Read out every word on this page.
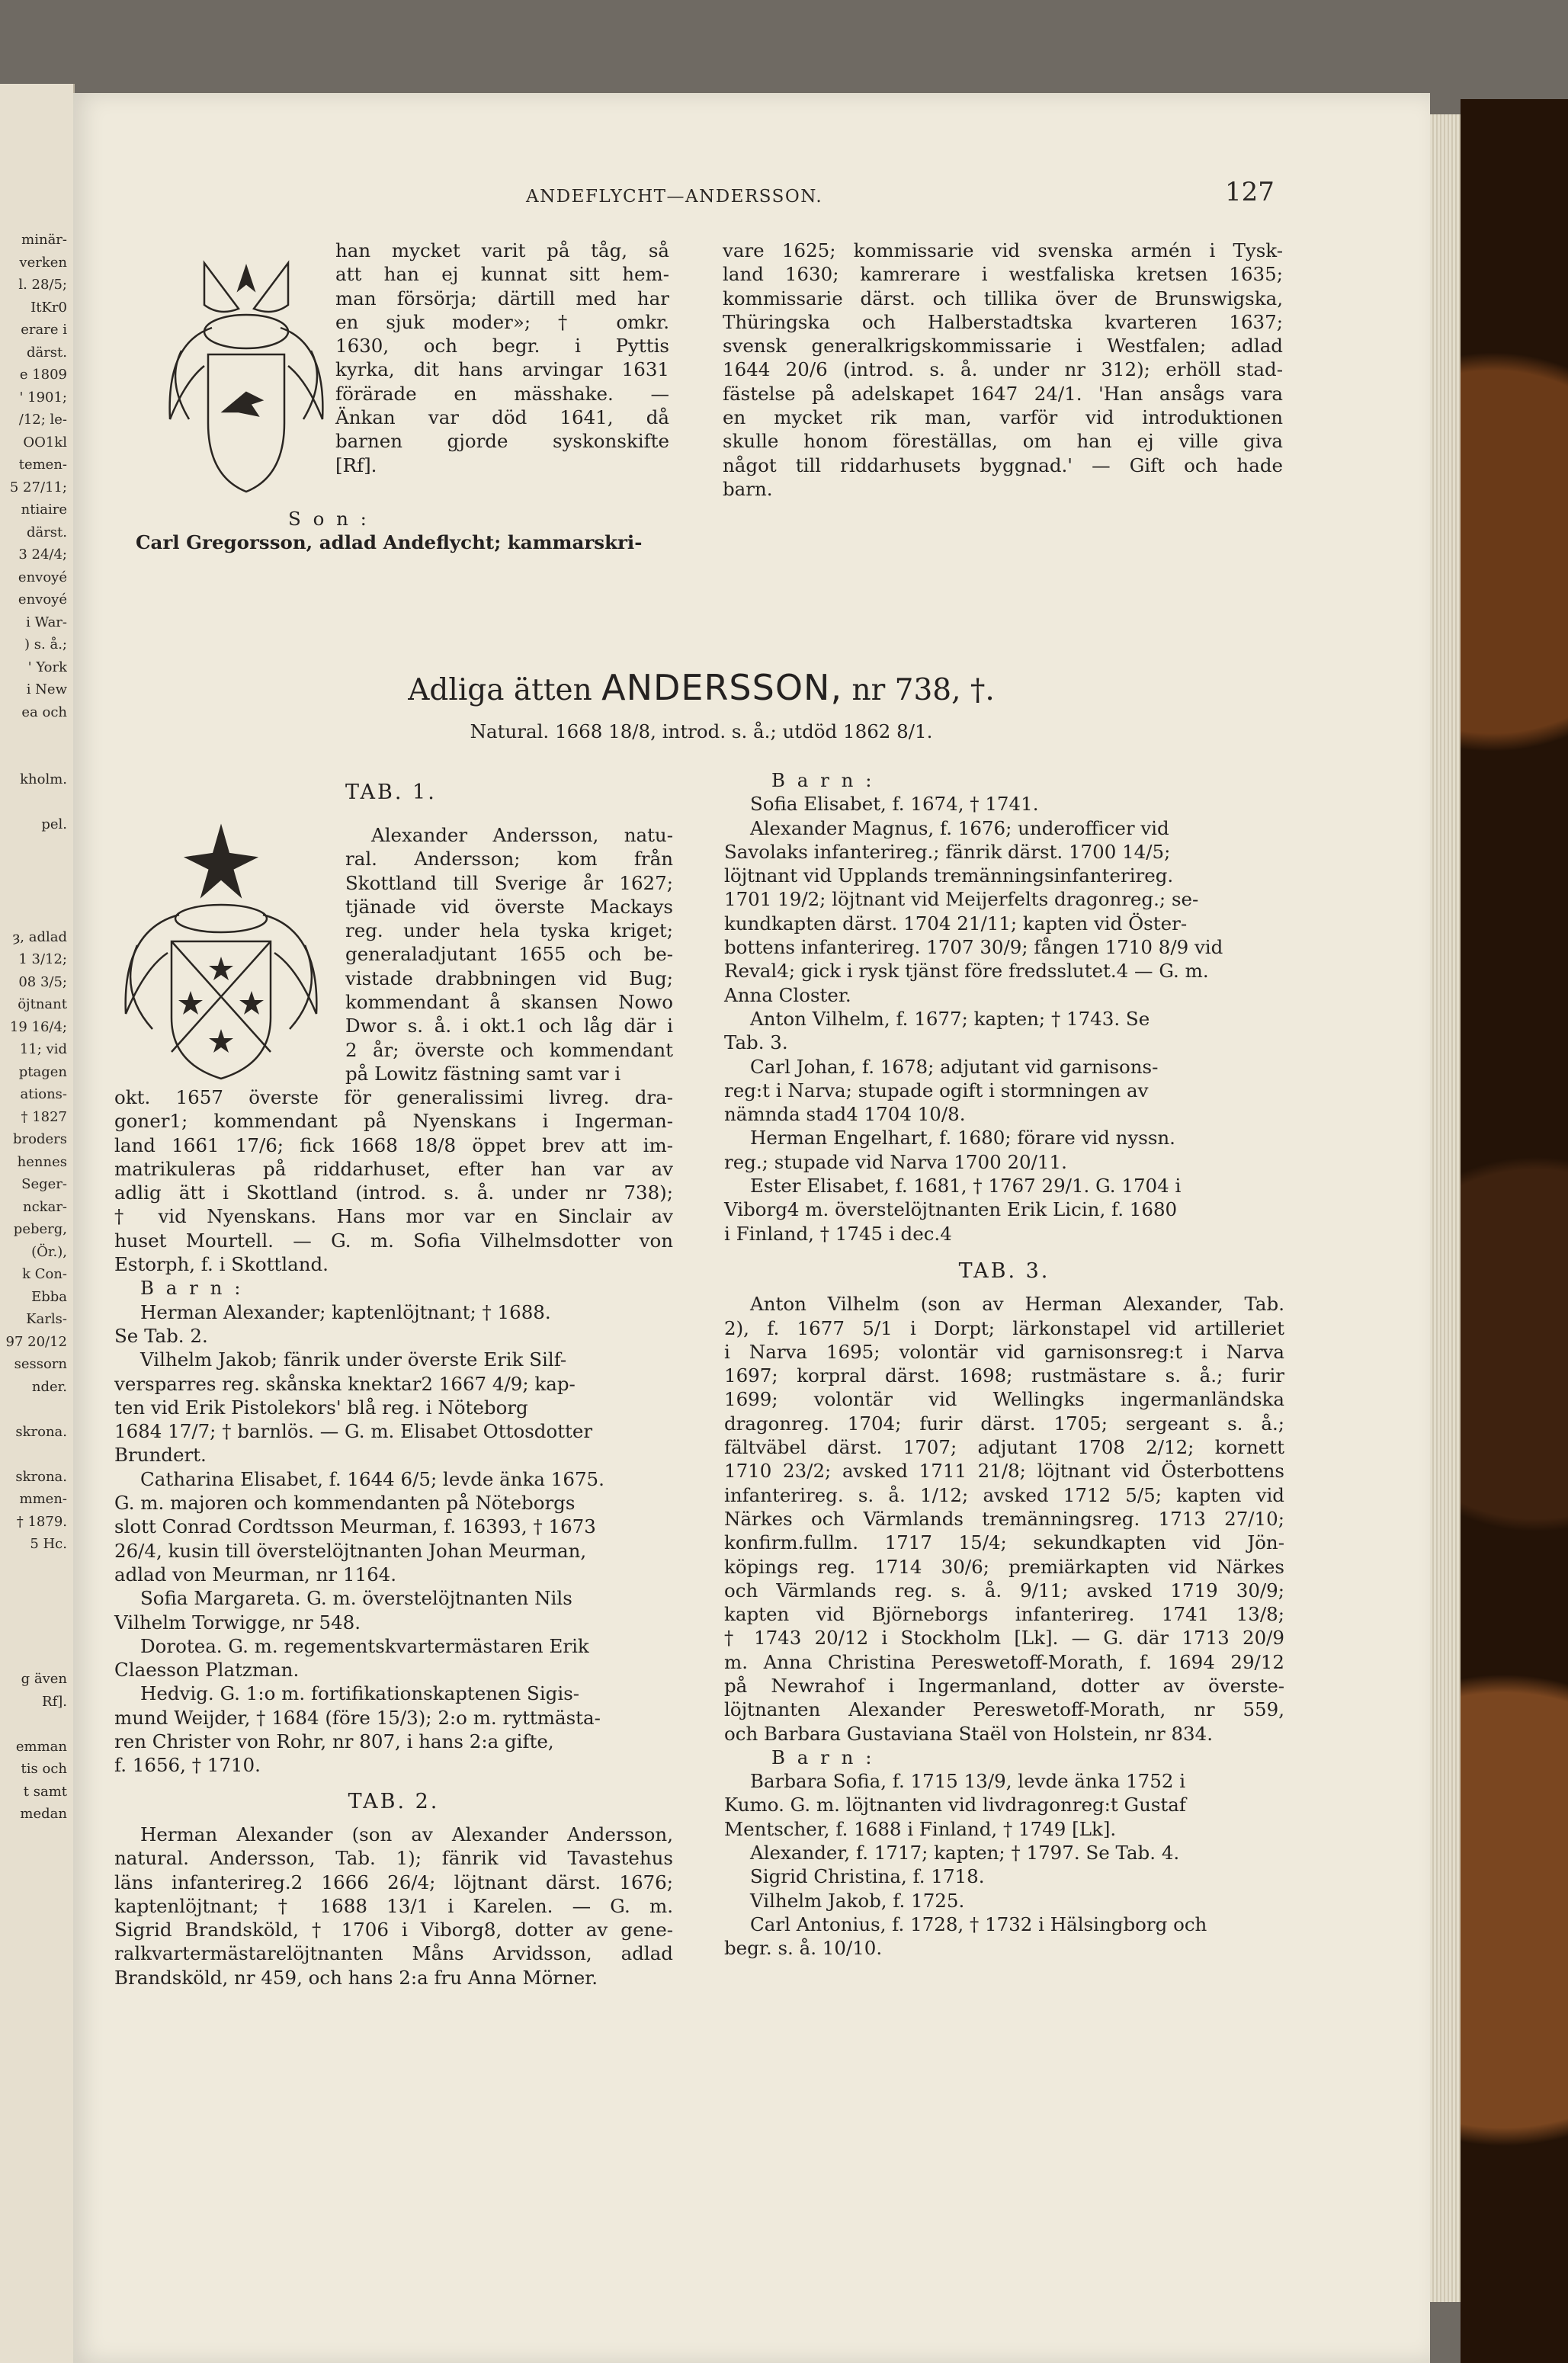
minär-
verken
l. 28/5;
ItKr0
erare i
därst.
e 1809
' 1901;
/12; le-
OO1kl
temen-
5 27/11;
ntiaire
därst.
3 24/4;
envoyé
envoyé
i War-
) s. å.;
' York
i New
ea och
kholm.
pel.
ȝ, adlad
1 3/12;
08 3/5;
öjtnant
19 16/4;
11; vid
ptagen
ations-
† 1827
broders
hennes
Seger-
nckar-
peberg,
(Ör.),
k Con-
Ebba
Karls-
97 20/12
sessorn
nder.
skrona.
skrona.
mmen-
† 1879.
5 Hc.
g även
Rf].
emman
tis och
t samt
medan
ANDEFLYCHT—ANDERSSON.	127

han mycket varit på tåg, så

att han ej kunnat sitt hem-

man försörja; därtill med har

en sjuk moder»; † omkr.

1630, och begr. i Pyttis

kyrka, dit hans arvingar 1631

förärade en mässhake. —

Änkan var död 1641, då

barnen gjorde syskonskifte

[Rf].

S o n :

Carl Gregorsson, adlad Andeflycht; kammarskri-

vare 1625; kommissarie vid svenska armén i Tysk-

land 1630; kamrerare i westfaliska kretsen 1635;

kommissarie därst. och tillika över de Brunswigska,

Thüringska och Halberstadtska kvarteren 1637;

svensk generalkrigskommissarie i Westfalen; adlad

1644 20/6 (introd. s. å. under nr 312); erhöll stad-

fästelse på adelskapet 1647 24/1. 'Han ansågs vara

en mycket rik man, varför vid introduktionen

skulle honom föreställas, om han ej ville giva

något till riddarhusets byggnad.' — Gift och hade

barn.

Adliga ätten ANDERSSON, nr 738, †.
Natural. 1668 18/8, introd. s. å.; utdöd 1862 8/1.

TAB. 1.

Alexander Andersson, natu-

ral. Andersson; kom från

Skottland till Sverige år 1627;

tjänade vid överste Mackays

reg. under hela tyska kriget;

generaladjutant 1655 och be-

vistade drabbningen vid Bug;

kommendant å skansen Nowo

Dwor s. å. i okt.1 och låg där i

2 år; överste och kommendant

på Lowitz fästning samt var i

okt. 1657 överste för generalissimi livreg. dra-

goner1; kommendant på Nyenskans i Ingerman-

land 1661 17/6; fick 1668 18/8 öppet brev att im-

matrikuleras på riddarhuset, efter han var av

adlig ätt i Skottland (introd. s. å. under nr 738);

† vid Nyenskans. Hans mor var en Sinclair av

huset Mourtell. — G. m. Sofia Vilhelmsdotter von

Estorph, f. i Skottland.

B a r n :

Herman Alexander; kaptenlöjtnant; † 1688.

Se Tab. 2.

Vilhelm Jakob; fänrik under överste Erik Silf-

versparres reg. skånska knektar2 1667 4/9; kap-

ten vid Erik Pistolekors' blå reg. i Nöteborg

1684 17/7; † barnlös. — G. m. Elisabet Ottosdotter

Brundert.

Catharina Elisabet, f. 1644 6/5; levde änka 1675.

G. m. majoren och kommendanten på Nöteborgs

slott Conrad Cordtsson Meurman, f. 16393, † 1673

26/4, kusin till överstelöjtnanten Johan Meurman,

adlad von Meurman, nr 1164.

Sofia Margareta. G. m. överstelöjtnanten Nils

Vilhelm Torwigge, nr 548.

Dorotea. G. m. regementskvartermästaren Erik

Claesson Platzman.

Hedvig. G. 1:o m. fortifikationskaptenen Sigis-

mund Weijder, † 1684 (före 15/3); 2:o m. ryttmästa-

ren Christer von Rohr, nr 807, i hans 2:a gifte,

f. 1656, † 1710.

TAB. 2.

Herman Alexander (son av Alexander Andersson,

natural. Andersson, Tab. 1); fänrik vid Tavastehus

läns infanterireg.2 1666 26/4; löjtnant därst. 1676;

kaptenlöjtnant; † 1688 13/1 i Karelen. — G. m.

Sigrid Brandsköld, † 1706 i Viborg8, dotter av gene-

ralkvartermästarelöjtnanten Måns Arvidsson, adlad

Brandsköld, nr 459, och hans 2:a fru Anna Mörner.

B a r n :

Sofia Elisabet, f. 1674, † 1741.

Alexander Magnus, f. 1676; underofficer vid

Savolaks infanterireg.; fänrik därst. 1700 14/5;

löjtnant vid Upplands tremänningsinfanterireg.

1701 19/2; löjtnant vid Meijerfelts dragonreg.; se-

kundkapten därst. 1704 21/11; kapten vid Öster-

bottens infanterireg. 1707 30/9; fången 1710 8/9 vid

Reval4; gick i rysk tjänst före fredsslutet.4 — G. m.

Anna Closter.

Anton Vilhelm, f. 1677; kapten; † 1743. Se

Tab. 3.

Carl Johan, f. 1678; adjutant vid garnisons-

reg:t i Narva; stupade ogift i stormningen av

nämnda stad4 1704 10/8.

Herman Engelhart, f. 1680; förare vid nyssn.

reg.; stupade vid Narva 1700 20/11.

Ester Elisabet, f. 1681, † 1767 29/1. G. 1704 i

Viborg4 m. överstelöjtnanten Erik Licin, f. 1680

i Finland, † 1745 i dec.4

TAB. 3.

Anton Vilhelm (son av Herman Alexander, Tab.

2), f. 1677 5/1 i Dorpt; lärkonstapel vid artilleriet

i Narva 1695; volontär vid garnisonsreg:t i Narva

1697; korpral därst. 1698; rustmästare s. å.; furir

1699; volontär vid Wellingks ingermanländska

dragonreg. 1704; furir därst. 1705; sergeant s. å.;

fältväbel därst. 1707; adjutant 1708 2/12; kornett

1710 23/2; avsked 1711 21/8; löjtnant vid Österbottens

infanterireg. s. å. 1/12; avsked 1712 5/5; kapten vid

Närkes och Värmlands tremänningsreg. 1713 27/10;

konfirm.fullm. 1717 15/4; sekundkapten vid Jön-

köpings reg. 1714 30/6; premiärkapten vid Närkes

och Värmlands reg. s. å. 9/11; avsked 1719 30/9;

kapten vid Björneborgs infanterireg. 1741 13/8;

† 1743 20/12 i Stockholm [Lk]. — G. där 1713 20/9

m. Anna Christina Pereswetoff-Morath, f. 1694 29/12

på Newrahof i Ingermanland, dotter av överste-

löjtnanten Alexander Pereswetoff-Morath, nr 559,

och Barbara Gustaviana Staël von Holstein, nr 834.

B a r n :

Barbara Sofia, f. 1715 13/9, levde änka 1752 i

Kumo. G. m. löjtnanten vid livdragonreg:t Gustaf

Mentscher, f. 1688 i Finland, † 1749 [Lk].

Alexander, f. 1717; kapten; † 1797. Se Tab. 4.

Sigrid Christina, f. 1718.

Vilhelm Jakob, f. 1725.

Carl Antonius, f. 1728, † 1732 i Hälsingborg och

begr. s. å. 10/10.
